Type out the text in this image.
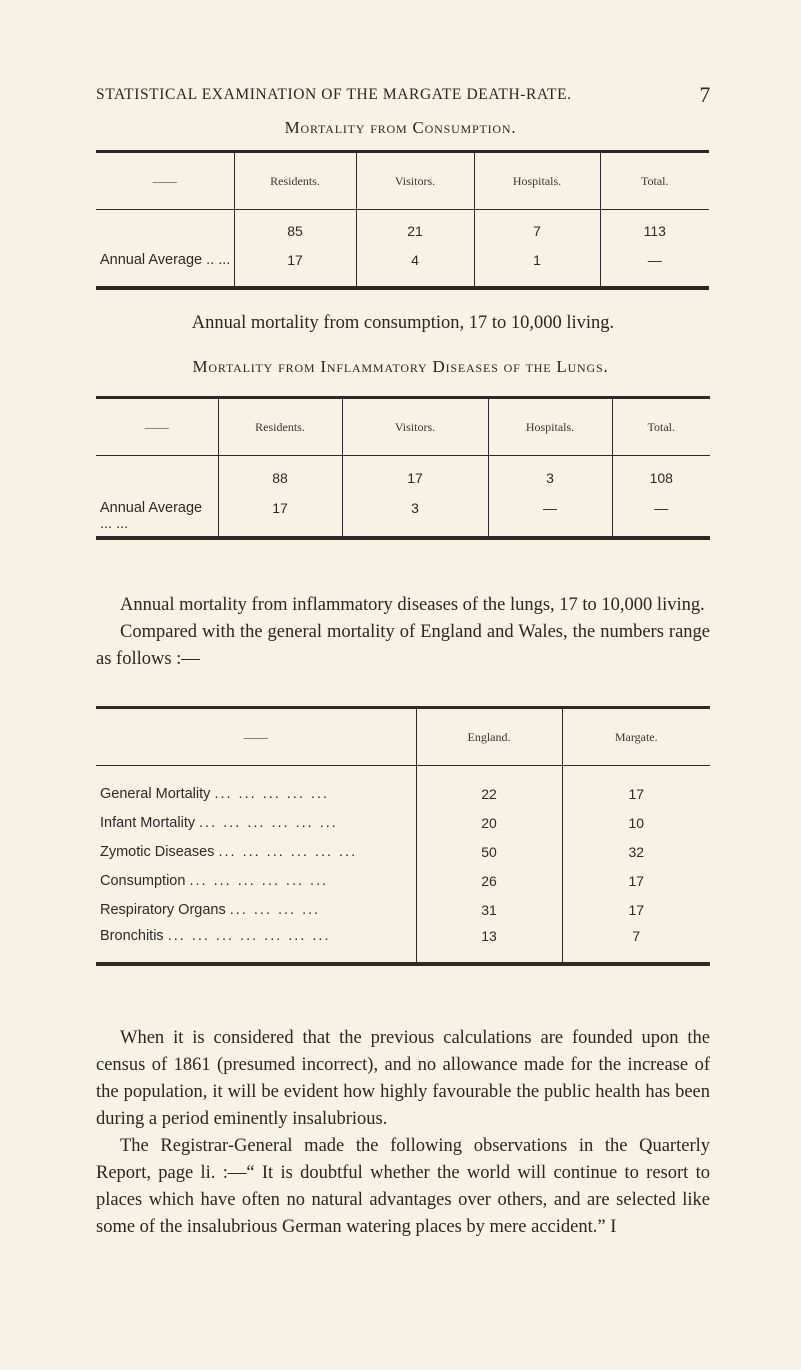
STATISTICAL EXAMINATION OF THE MARGATE DEATH-RATE.	7
Mortality from Consumption.
——	Residents.	Visitors.	Hospitals.	Total.
	85	21	7	113
Annual Average .. ...	17	4	1	—
Annual mortality from consumption, 17 to 10,000 living.
Mortality from Inflammatory Diseases of the Lungs.
——	Residents.	Visitors.	Hospitals.	Total.
	88	17	3	108
Annual Average ... ...	17	3	—	—

Annual mortality from inflammatory diseases of the lungs, 17 to 10,000 living.

Compared with the general mortality of England and Wales, the numbers range as follows :—

——	England.	Margate.
General Mortality ... ... ... ... ...	22	17
Infant Mortality ... ... ... ... ... ...	20	10
Zymotic Diseases ... ... ... ... ... ...	50	32
Consumption ... ... ... ... ... ...	26	17
Respiratory Organs ... ... ... ...	31	17
Bronchitis ... ... ... ... ... ... ...	13	7

When it is considered that the previous calculations are founded upon the census of 1861 (presumed incorrect), and no allowance made for the increase of the population, it will be evident how highly favourable the public health has been during a period eminently insalubrious.

The Registrar-General made the following observations in the Quarterly Report, page li. :—“ It is doubtful whether the world will continue to resort to places which have often no natural advantages over others, and are selected like some of the insalubrious German watering places by mere accident.” I
